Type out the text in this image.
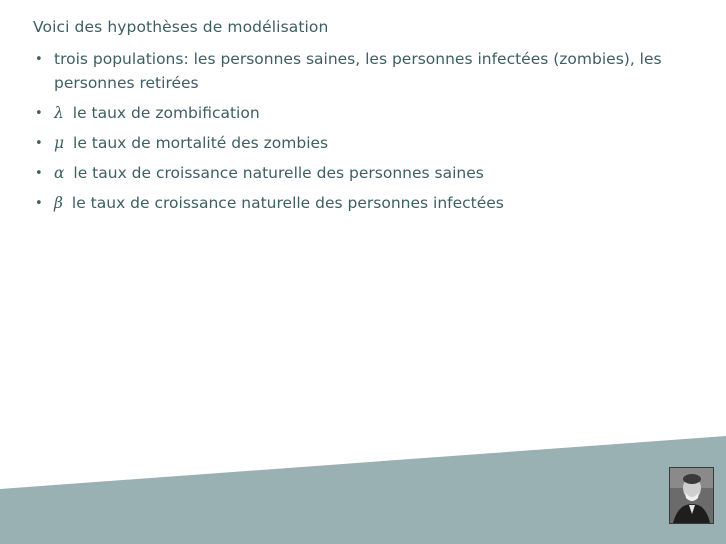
Voici des hypothèses de modélisation
• trois populations: les personnes saines, les personnes infectées (zombies), les personnes retirées
• λ le taux de zombification
• μ le taux de mortalité des zombies
• α le taux de croissance naturelle des personnes saines
• β le taux de croissance naturelle des personnes infectées
